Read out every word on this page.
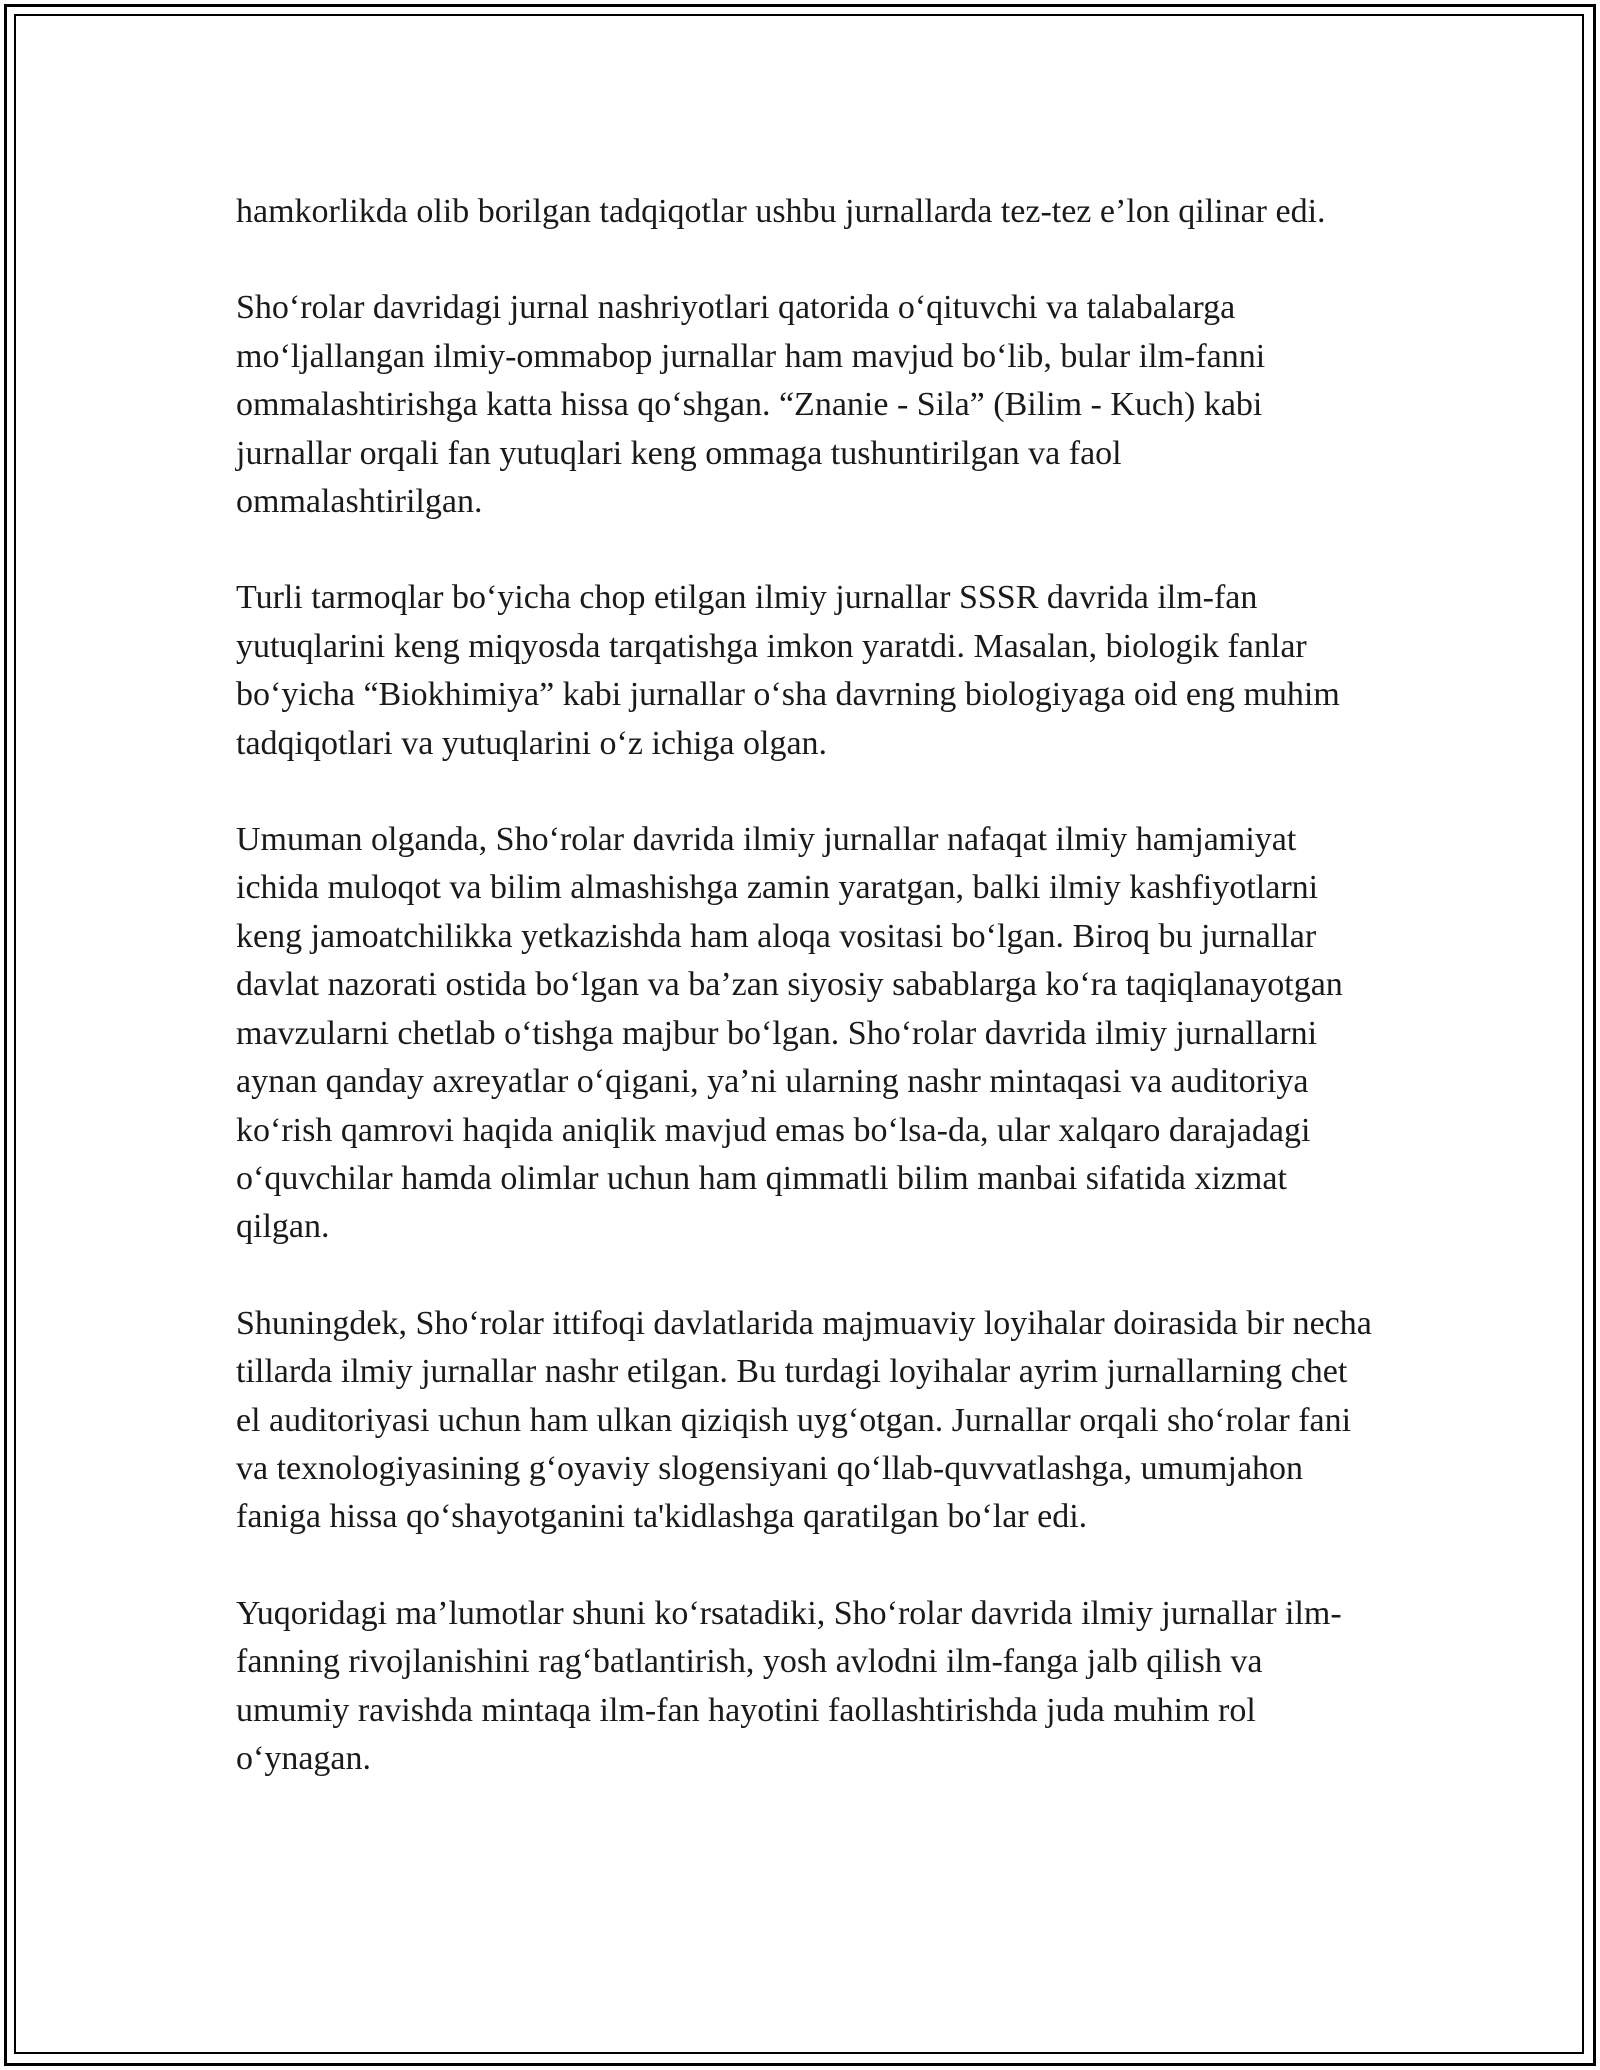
hamkorlikda olib borilgan tadqiqotlar ushbu jurnallarda tez-tez e’lon qilinar edi.

Sho‘rolar davridagi jurnal nashriyotlari qatorida o‘qituvchi va talabalarga mo‘ljallangan ilmiy-ommabop jurnallar ham mavjud bo‘lib, bular ilm-fanni ommalashtirishga katta hissa qo‘shgan. “Znanie - Sila” (Bilim - Kuch) kabi jurnallar orqali fan yutuqlari keng ommaga tushuntirilgan va faol ommalashtirilgan.

Turli tarmoqlar bo‘yicha chop etilgan ilmiy jurnallar SSSR davrida ilm-fan yutuqlarini keng miqyosda tarqatishga imkon yaratdi. Masalan, biologik fanlar bo‘yicha “Biokhimiya” kabi jurnallar o‘sha davrning biologiyaga oid eng muhim tadqiqotlari va yutuqlarini o‘z ichiga olgan.

Umuman olganda, Sho‘rolar davrida ilmiy jurnallar nafaqat ilmiy hamjamiyat ichida muloqot va bilim almashishga zamin yaratgan, balki ilmiy kashfiyotlarni keng jamoatchilikka yetkazishda ham aloqa vositasi bo‘lgan. Biroq bu jurnallar davlat nazorati ostida bo‘lgan va ba’zan siyosiy sabablarga ko‘ra taqiqlanayotgan mavzularni chetlab o‘tishga majbur bo‘lgan. Sho‘rolar davrida ilmiy jurnallarni aynan qanday axreyatlar o‘qigani, ya’ni ularning nashr mintaqasi va auditoriya ko‘rish qamrovi haqida aniqlik mavjud emas bo‘lsa-da, ular xalqaro darajadagi o‘quvchilar hamda olimlar uchun ham qimmatli bilim manbai sifatida xizmat qilgan.

Shuningdek, Sho‘rolar ittifoqi davlatlarida majmuaviy loyihalar doirasida bir necha tillarda ilmiy jurnallar nashr etilgan. Bu turdagi loyihalar ayrim jurnallarning chet el auditoriyasi uchun ham ulkan qiziqish uyg‘otgan. Jurnallar orqali sho‘rolar fani va texnologiyasining g‘oyaviy slogensiyani qo‘llab-quvvatlashga, umumjahon faniga hissa qo‘shayotganini ta'kidlashga qaratilgan bo‘lar edi.

Yuqoridagi ma’lumotlar shuni ko‘rsatadiki, Sho‘rolar davrida ilmiy jurnallar ilm-fanning rivojlanishini rag‘batlantirish, yosh avlodni ilm-fanga jalb qilish va umumiy ravishda mintaqa ilm-fan hayotini faollashtirishda juda muhim rol o‘ynagan.
